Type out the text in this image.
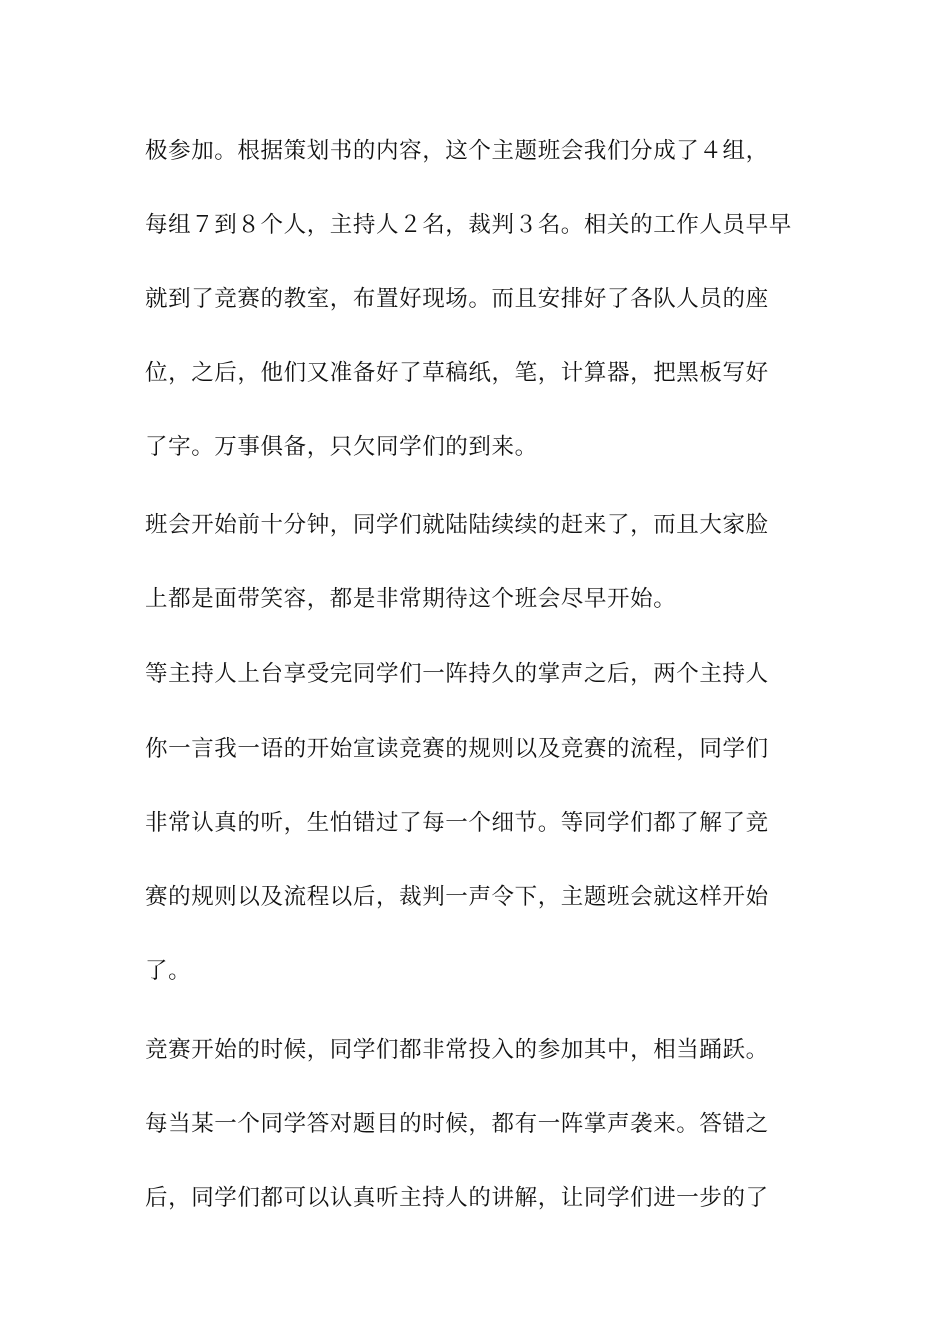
极参加。根据策划书的内容，这个主题班会我们分成了４组，
每组７到８个人，主持人２名，裁判３名。相关的工作人员早早
就到了竞赛的教室，布置好现场。而且安排好了各队人员的座
位，之后，他们又准备好了草稿纸，笔，计算器，把黑板写好
了字。万事俱备，只欠同学们的到来。
班会开始前十分钟，同学们就陆陆续续的赶来了，而且大家脸
上都是面带笑容，都是非常期待这个班会尽早开始。
等主持人上台享受完同学们一阵持久的掌声之后，两个主持人
你一言我一语的开始宣读竞赛的规则以及竞赛的流程，同学们
非常认真的听，生怕错过了每一个细节。等同学们都了解了竞
赛的规则以及流程以后，裁判一声令下，主题班会就这样开始
了。
竞赛开始的时候，同学们都非常投入的参加其中，相当踊跃。
每当某一个同学答对题目的时候，都有一阵掌声袭来。答错之
后，同学们都可以认真听主持人的讲解，让同学们进一步的了
